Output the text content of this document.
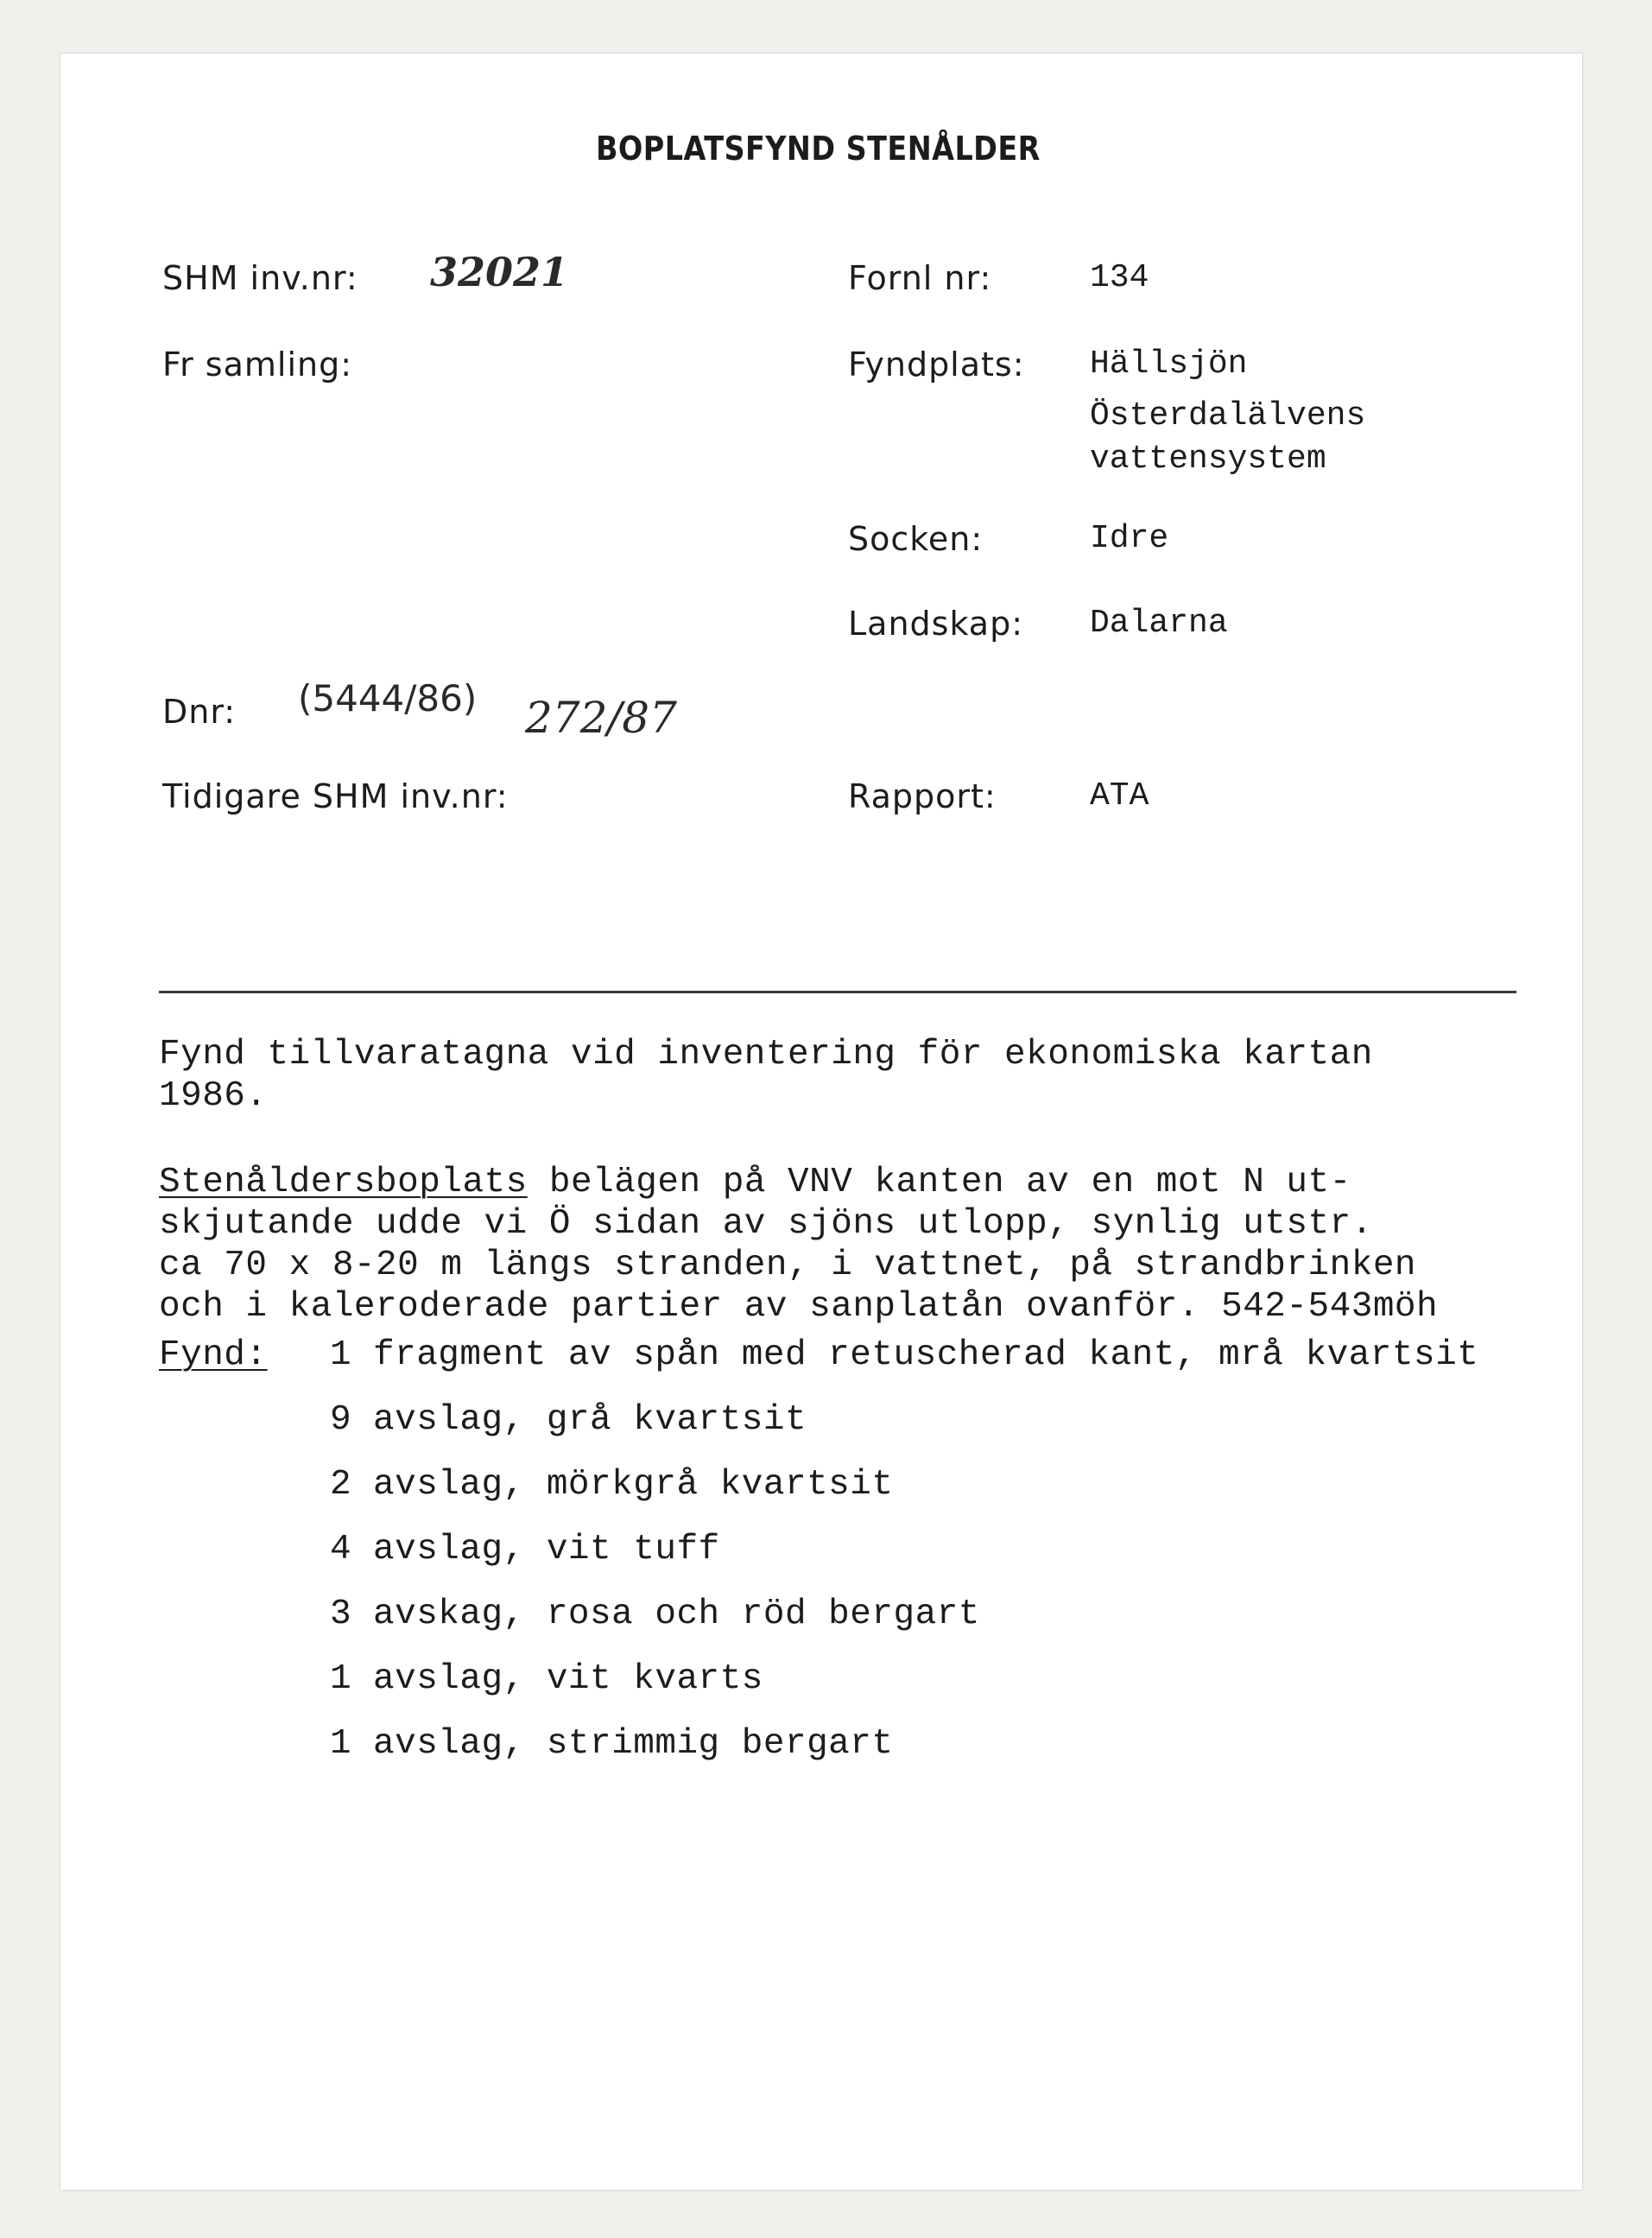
BOPLATSFYND STENÅLDER
SHM inv.nr: 32021
Fr samling:
Dnr: (5444/86) 272/87
Tidigare SHM inv.nr:
Fornl nr:	134
Fyndplats: Hällsjön
Österdalälvens
vattensystem
Socken:	Idre
Landskap: Dalarna
Rapport:	ATA
Fynd tillvaratagna vid inventering för ekonomiska kartan
1986.
Stenåldersboplats belägen på VNV kanten av en mot N ut-
skjutande udde vi Ö sidan av sjöns utlopp, synlig utstr.
ca 70 x 8-20 m längs stranden, i vattnet, på strandbrinken
och i kaleroderade partier av sanplatån ovanför. 542-543möh
Fynd: 1 fragment av spån med retuscherad kant, mrå kvartsit
9 avslag, grå kvartsit
2 avslag, mörkgrå kvartsit
4 avslag, vit tuff
3 avskag, rosa och röd bergart
1 avslag, vit kvarts
1 avslag, strimmig bergart
